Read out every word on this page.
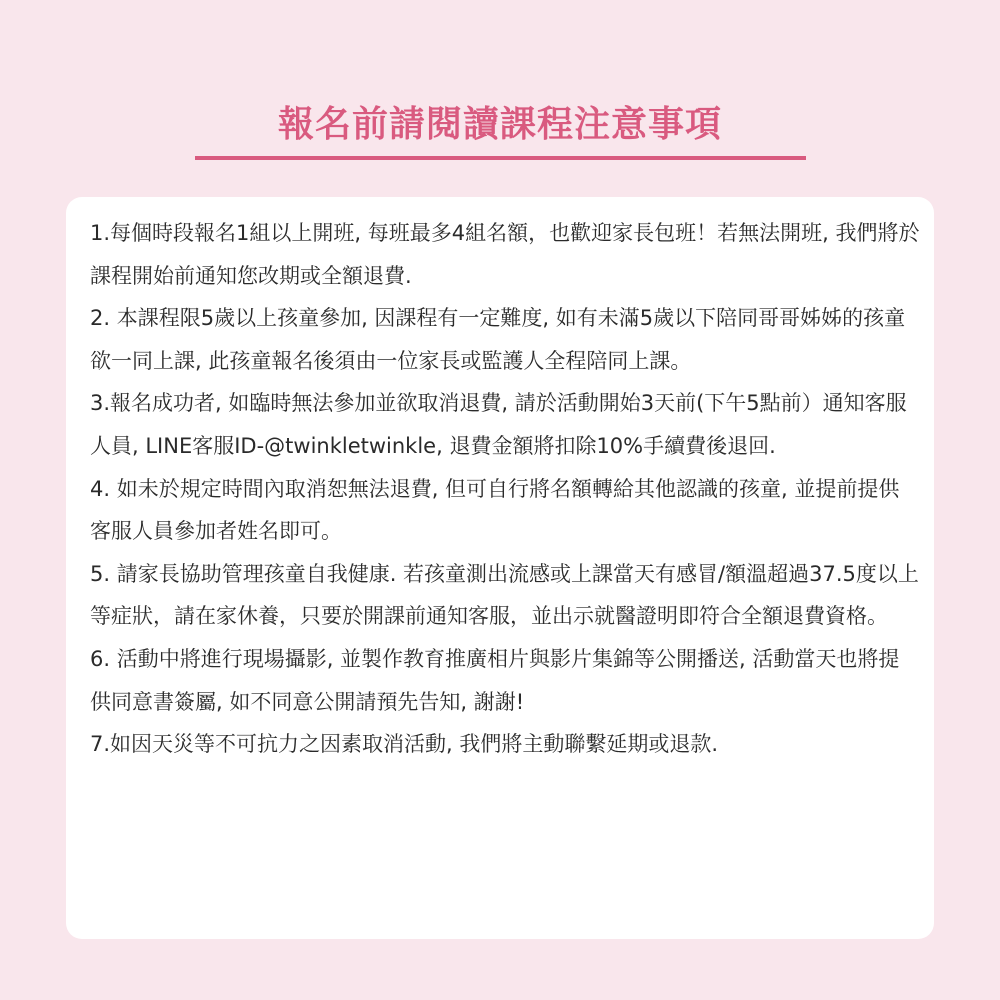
報名前請閱讀課程注意事項
1.每個時段報名1組以上開班, 每班最多4組名額，也歡迎家長包班！若無法開班, 我們將於課程開始前通知您改期或全額退費.
2. 本課程限5歲以上孩童參加, 因課程有一定難度, 如有未滿5歲以下陪同哥哥姊姊的孩童欲一同上課, 此孩童報名後須由一位家長或監護人全程陪同上課。
3.報名成功者, 如臨時無法參加並欲取消退費, 請於活動開始3天前(下午5點前）通知客服人員, LINE客服ID-@twinkletwinkle, 退費金額將扣除10%手續費後退回.
4. 如未於規定時間內取消恕無法退費, 但可自行將名額轉給其他認識的孩童, 並提前提供客服人員參加者姓名即可。
5. 請家長協助管理孩童自我健康. 若孩童測出流感或上課當天有感冒/額溫超過37.5度以上等症狀，請在家休養，只要於開課前通知客服，並出示就醫證明即符合全額退費資格。
6. 活動中將進行現場攝影, 並製作教育推廣相片與影片集錦等公開播送, 活動當天也將提供同意書簽屬, 如不同意公開請預先告知, 謝謝!
7.如因天災等不可抗力之因素取消活動, 我們將主動聯繫延期或退款.
